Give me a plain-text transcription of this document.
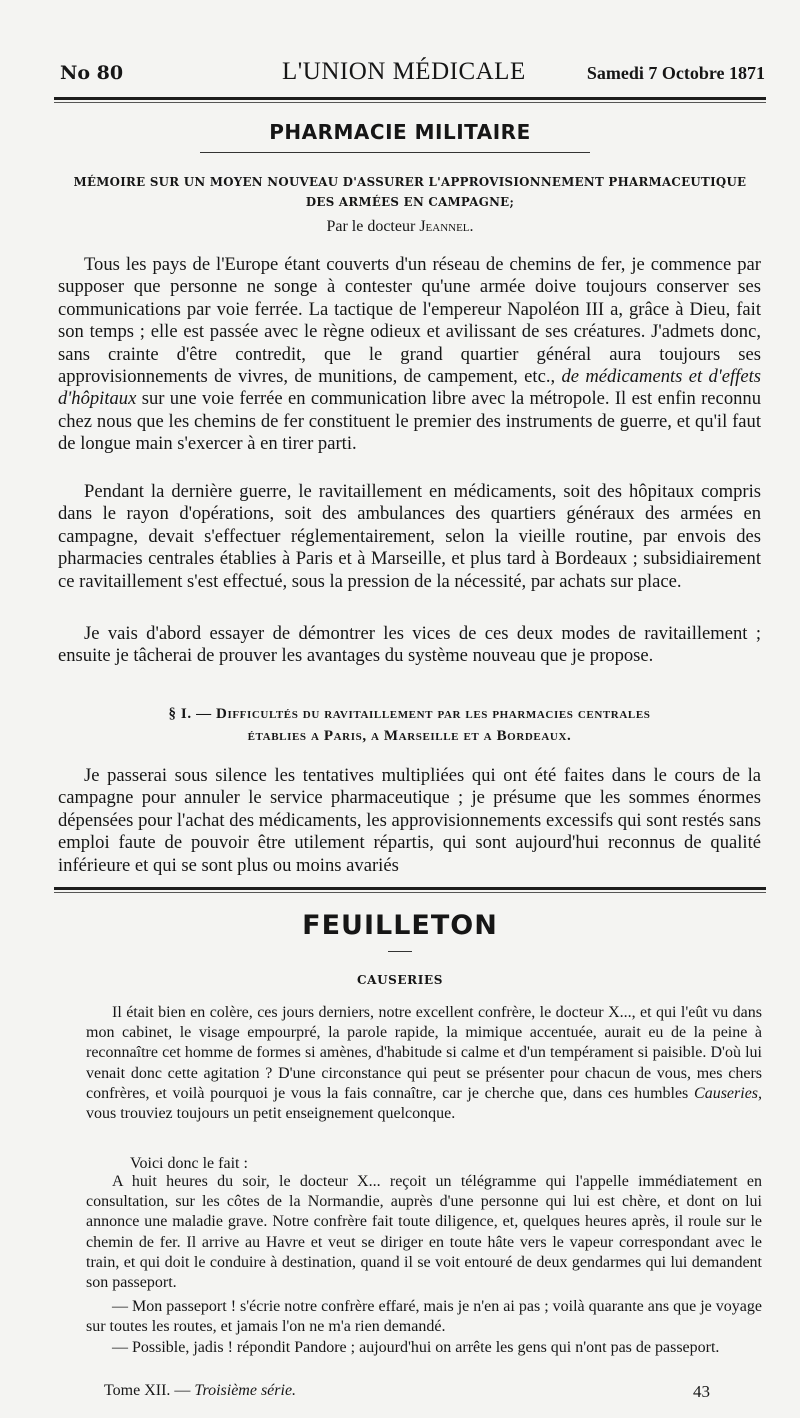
No 80	L'UNION MÉDICALE	Samedi 7 Octobre 1871
PHARMACIE MILITAIRE
MÉMOIRE SUR UN MOYEN NOUVEAU D'ASSURER L'APPROVISIONNEMENT PHARMACEUTIQUE
DES ARMÉES EN CAMPAGNE;
Par le docteur Jeannel.

Tous les pays de l'Europe étant couverts d'un réseau de chemins de fer, je commence par supposer que personne ne songe à contester qu'une armée doive toujours conserver ses communications par voie ferrée. La tactique de l'empereur Napoléon III a, grâce à Dieu, fait son temps ; elle est passée avec le règne odieux et avilissant de ses créatures. J'admets donc, sans crainte d'être contredit, que le grand quartier général aura toujours ses approvisionnements de vivres, de munitions, de campement, etc., de médicaments et d'effets d'hôpitaux sur une voie ferrée en communication libre avec la métropole. Il est enfin reconnu chez nous que les chemins de fer constituent le premier des instruments de guerre, et qu'il faut de longue main s'exercer à en tirer parti.

Pendant la dernière guerre, le ravitaillement en médicaments, soit des hôpitaux compris dans le rayon d'opérations, soit des ambulances des quartiers généraux des armées en campagne, devait s'effectuer réglementairement, selon la vieille routine, par envois des pharmacies centrales établies à Paris et à Marseille, et plus tard à Bordeaux ; subsidiairement ce ravitaillement s'est effectué, sous la pression de la nécessité, par achats sur place.

Je vais d'abord essayer de démontrer les vices de ces deux modes de ravitaillement ; ensuite je tâcherai de prouver les avantages du système nouveau que je propose.

§ I. — Difficultés du ravitaillement par les pharmacies centrales
établies a Paris, a Marseille et a Bordeaux.

Je passerai sous silence les tentatives multipliées qui ont été faites dans le cours de la campagne pour annuler le service pharmaceutique ; je présume que les sommes énormes dépensées pour l'achat des médicaments, les approvisionnements excessifs qui sont restés sans emploi faute de pouvoir être utilement répartis, qui sont aujourd'hui reconnus de qualité inférieure et qui se sont plus ou moins avariés

FEUILLETON
CAUSERIES

Il était bien en colère, ces jours derniers, notre excellent confrère, le docteur X..., et qui l'eût vu dans mon cabinet, le visage empourpré, la parole rapide, la mimique accentuée, aurait eu de la peine à reconnaître cet homme de formes si amènes, d'habitude si calme et d'un tempérament si paisible. D'où lui venait donc cette agitation ? D'une circonstance qui peut se présenter pour chacun de vous, mes chers confrères, et voilà pourquoi je vous la fais connaître, car je cherche que, dans ces humbles Causeries, vous trouviez toujours un petit enseignement quelconque.

Voici donc le fait :

A huit heures du soir, le docteur X... reçoit un télégramme qui l'appelle immédiatement en consultation, sur les côtes de la Normandie, auprès d'une personne qui lui est chère, et dont on lui annonce une maladie grave. Notre confrère fait toute diligence, et, quelques heures après, il roule sur le chemin de fer. Il arrive au Havre et veut se diriger en toute hâte vers le vapeur correspondant avec le train, et qui doit le conduire à destination, quand il se voit entouré de deux gendarmes qui lui demandent son passeport.

— Mon passeport ! s'écrie notre confrère effaré, mais je n'en ai pas ; voilà quarante ans que je voyage sur toutes les routes, et jamais l'on ne m'a rien demandé.

— Possible, jadis ! répondit Pandore ; aujourd'hui on arrête les gens qui n'ont pas de passeport.

Tome XII. — Troisième série.	43
